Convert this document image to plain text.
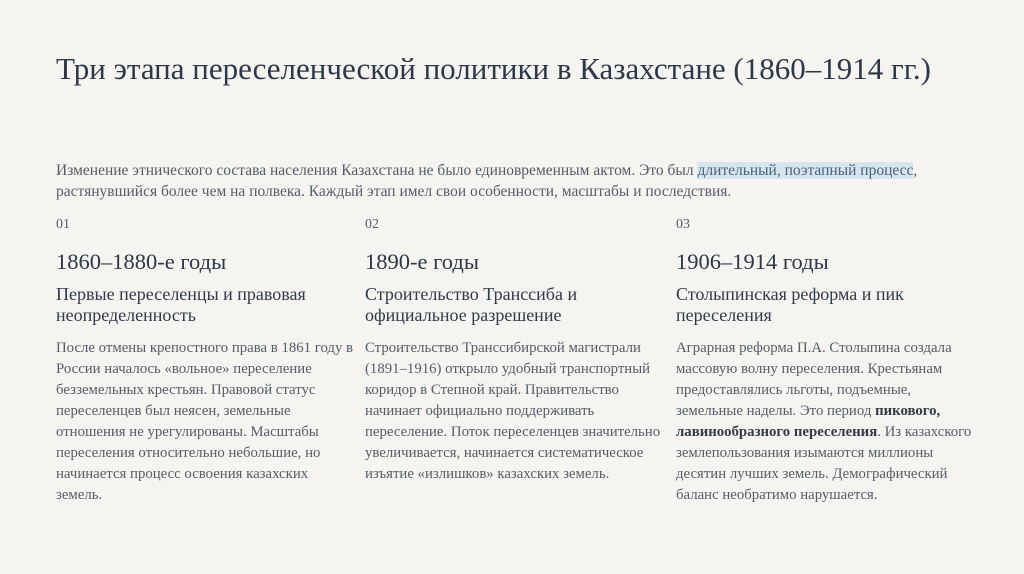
Три этапа переселенческой политики в Казахстане (1860–1914 гг.)
Изменение этнического состава населения Казахстана не было единовременным актом. Это был длительный, поэтапный процесс, растянувшийся более чем на полвека. Каждый этап имел свои особенности, масштабы и последствия.
01
1860–1880-е годы
Первые переселенцы и правовая неопределенность
После отмены крепостного права в 1861 году в России началось «вольное» переселение безземельных крестьян. Правовой статус переселенцев был неясен, земельные отношения не урегулированы. Масштабы переселения относительно небольшие, но начинается процесс освоения казахских земель.
02
1890-е годы
Строительство Транссиба и официальное разрешение
Строительство Транссибирской магистрали (1891–1916) открыло удобный транспортный коридор в Степной край. Правительство начинает официально поддерживать переселение. Поток переселенцев значительно увеличивается, начинается систематическое изъятие «излишков» казахских земель.
03
1906–1914 годы
Столыпинская реформа и пик переселения
Аграрная реформа П.А. Столыпина создала массовую волну переселения. Крестьянам предоставлялись льготы, подъемные, земельные наделы. Это период пикового, лавинообразного переселения. Из казахского землепользования изымаются миллионы десятин лучших земель. Демографический баланс необратимо нарушается.
